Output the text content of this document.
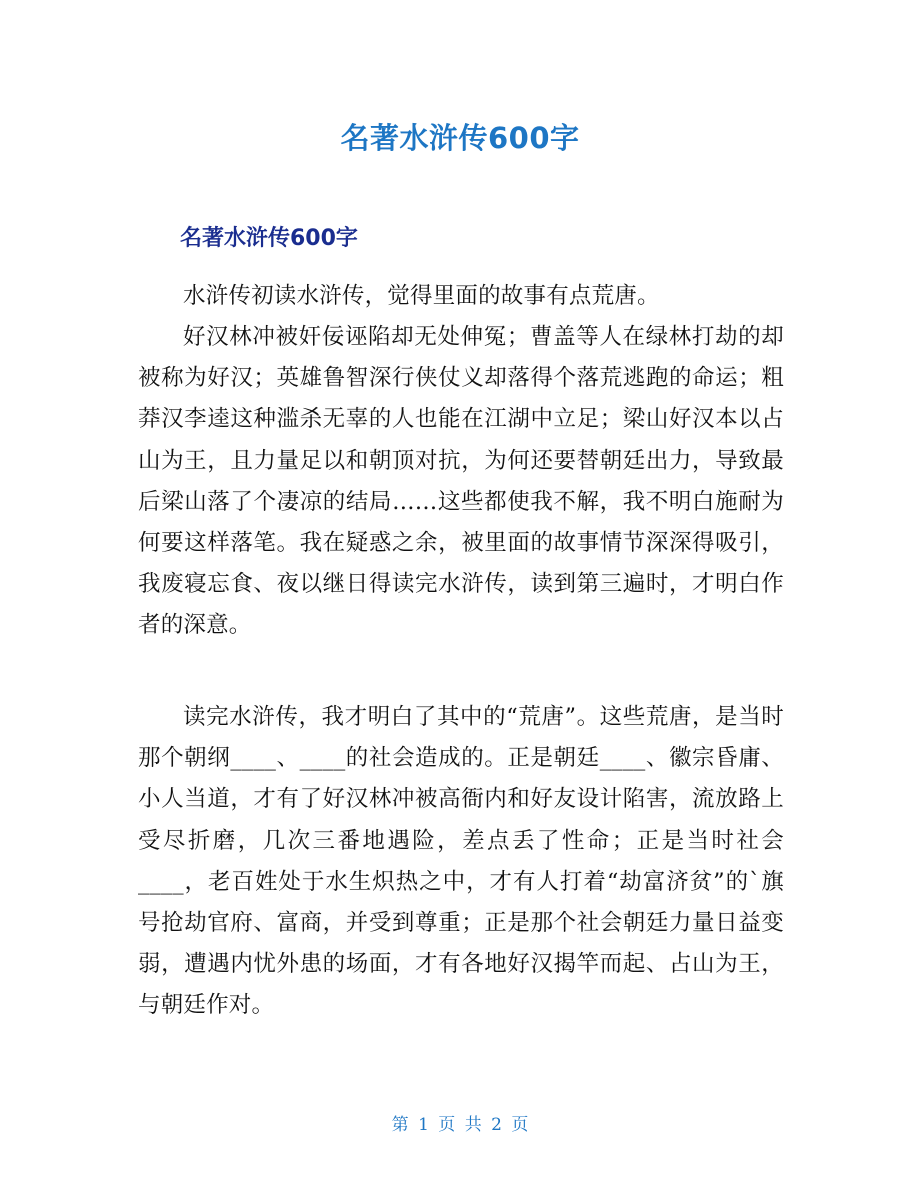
名著水浒传600字
名著水浒传600字

水浒传初读水浒传，觉得里面的故事有点荒唐。

好汉林冲被奸佞诬陷却无处伸冤；曹盖等人在绿林打劫的却被称为好汉；英雄鲁智深行侠仗义却落得个落荒逃跑的命运；粗莽汉李逵这种滥杀无辜的人也能在江湖中立足；梁山好汉本以占山为王，且力量足以和朝顶对抗，为何还要替朝廷出力，导致最后梁山落了个凄凉的结局……这些都使我不解，我不明白施耐为何要这样落笔。我在疑惑之余，被里面的故事情节深深得吸引，我废寝忘食、夜以继日得读完水浒传，读到第三遍时，才明白作者的深意。

读完水浒传，我才明白了其中的“荒唐”。这些荒唐，是当时那个朝纲____、____的社会造成的。正是朝廷____、徽宗昏庸、小人当道，才有了好汉林冲被高衙内和好友设计陷害，流放路上受尽折磨，几次三番地遇险，差点丢了性命；正是当时社会____，老百姓处于水生炽热之中，才有人打着“劫富济贫”的`旗号抢劫官府、富商，并受到尊重；正是那个社会朝廷力量日益变弱，遭遇内忧外患的场面，才有各地好汉揭竿而起、占山为王，与朝廷作对。

第 1 页 共 2 页
